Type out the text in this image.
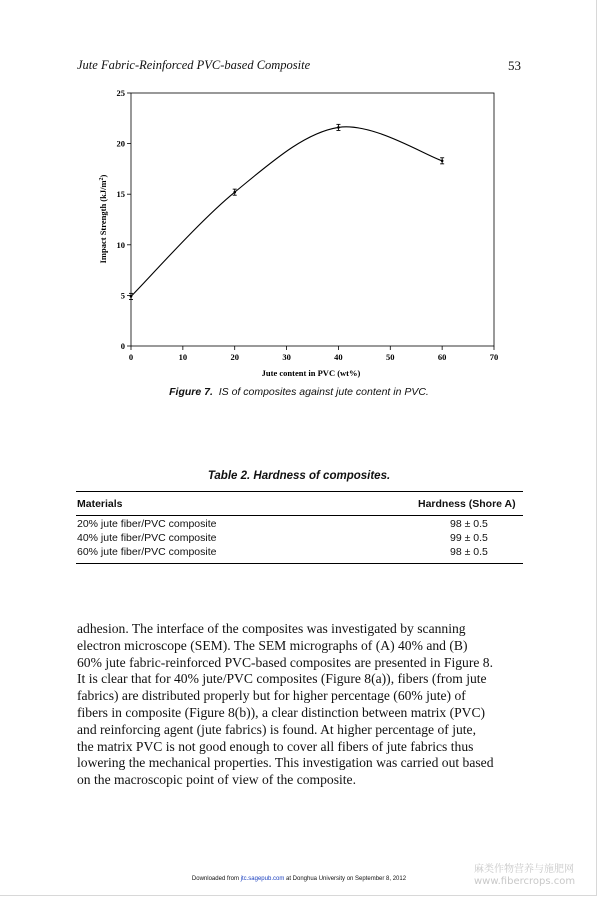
Jute Fabric-Reinforced PVC-based Composite	53
0	10	20	30	40	50	60	70
0
5
10
15
20
25
Jute content in PVC (wt%)
Impact Strength $(kJ/m^2)$
Figure 7. IS of composites against jute content in PVC.
Table 2. Hardness of composites.
Materials	Hardness (Shore A)
20% jute fiber/PVC composite	98 ± 0.5
40% jute fiber/PVC composite	99 ± 0.5
60% jute fiber/PVC composite	98 ± 0.5
adhesion. The interface of the composites was investigated by scanning
electron microscope (SEM). The SEM micrographs of (A) 40% and (B)
60% jute fabric-reinforced PVC-based composites are presented in Figure 8.
It is clear that for 40% jute/PVC composites (Figure 8(a)), fibers (from jute
fabrics) are distributed properly but for higher percentage (60% jute) of
fibers in composite (Figure 8(b)), a clear distinction between matrix (PVC)
and reinforcing agent (jute fabrics) is found. At higher percentage of jute,
the matrix PVC is not good enough to cover all fibers of jute fabrics thus
lowering the mechanical properties. This investigation was carried out based
on the macroscopic point of view of the composite.
Downloaded from jtc.sagepub.com at Donghua University on September 8, 2012
麻类作物营养与施肥网
www.fibercrops.com
